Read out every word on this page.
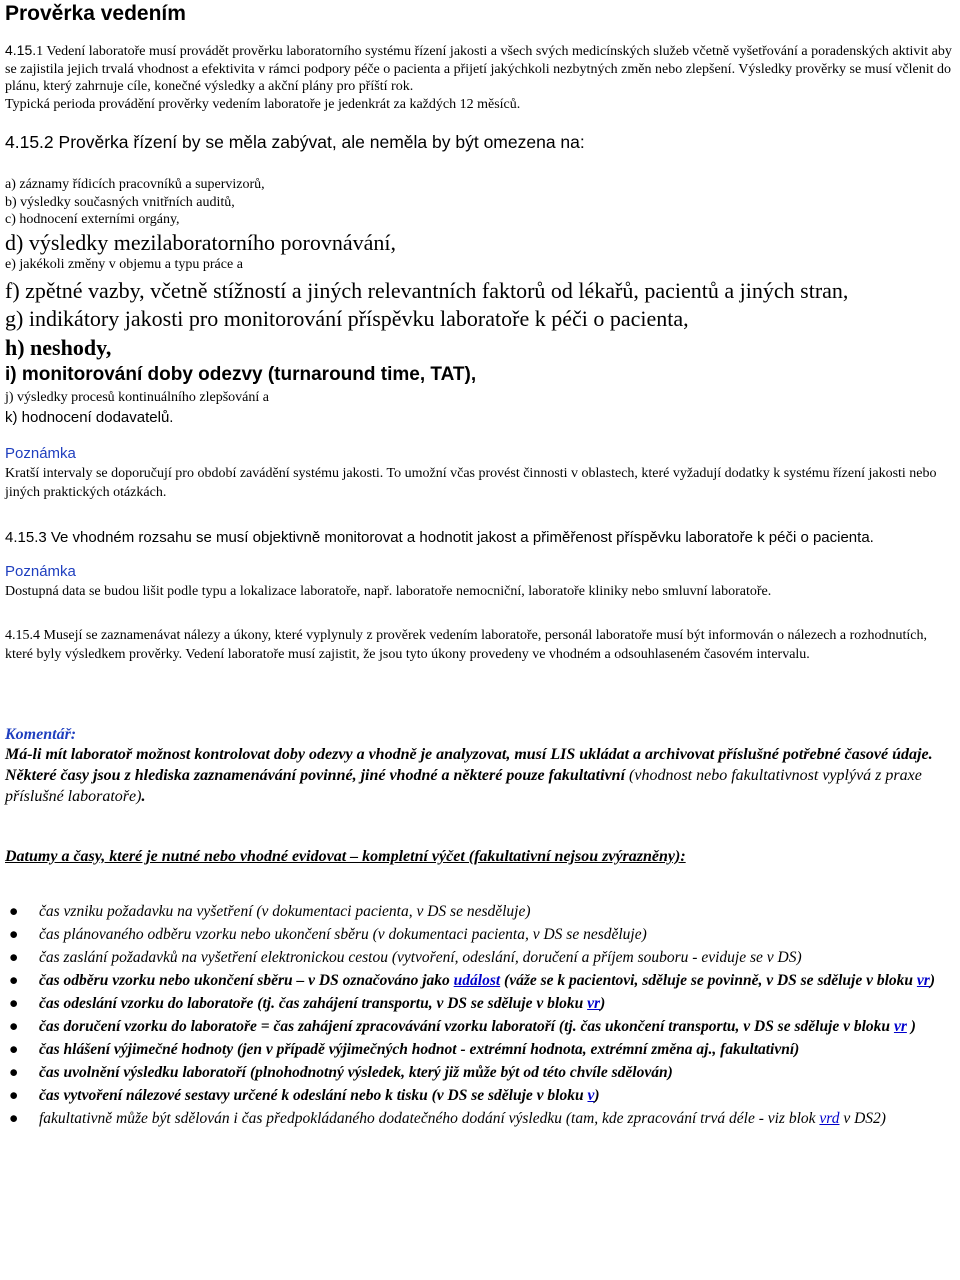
Prověrka vedením

4.15.1 Vedení laboratoře musí provádět prověrku laboratorního systému řízení jakosti a všech svých medicínských služeb včetně vyšetřování a poradenských aktivit aby se zajistila jejich trvalá vhodnost a efektivita v rámci podpory péče o pacienta a přijetí jakýchkoli nezbytných změn nebo zlepšení. Výsledky prověrky se musí včlenit do plánu, který zahrnuje cíle, konečné výsledky a akční plány pro příští rok.

Typická perioda provádění prověrky vedením laboratoře je jedenkrát za každých 12 měsíců.

4.15.2 Prověrka řízení by se měla zabývat, ale neměla by být omezena na:

a) záznamy řídicích pracovníků a supervizorů,

b) výsledky současných vnitřních auditů,

c) hodnocení externími orgány,

d) výsledky mezilaboratorního porovnávání,

e) jakékoli změny v objemu a typu práce a

f) zpětné vazby, včetně stížností a jiných relevantních faktorů od lékařů, pacientů a jiných stran,

g) indikátory jakosti pro monitorování příspěvku laboratoře k péči o pacienta,

h) neshody,

i) monitorování doby odezvy (turnaround time, TAT),

j) výsledky procesů kontinuálního zlepšování a

k) hodnocení dodavatelů.

Poznámka

Kratší intervaly se doporučují pro období zavádění systému jakosti. To umožní včas provést činnosti v oblastech, které vyžadují dodatky k systému řízení jakosti nebo jiných praktických otázkách.

4.15.3 Ve vhodném rozsahu se musí objektivně monitorovat a hodnotit jakost a přiměřenost příspěvku laboratoře k péči o pacienta.

Poznámka

Dostupná data se budou lišit podle typu a lokalizace laboratoře, např. laboratoře nemocniční, laboratoře kliniky nebo smluvní laboratoře.

4.15.4 Musejí se zaznamenávat nálezy a úkony, které vyplynuly z prověrek vedením laboratoře, personál laboratoře musí být informován o nálezech a rozhodnutích, které byly výsledkem prověrky. Vedení laboratoře musí zajistit, že jsou tyto úkony provedeny ve vhodném a odsouhlaseném časovém intervalu.

Komentář:

Má-li mít laboratoř možnost kontrolovat doby odezvy a vhodně je analyzovat, musí LIS ukládat a archivovat příslušné potřebné časové údaje.

Některé časy jsou z hlediska zaznamenávání povinné, jiné vhodné a některé pouze fakultativní (vhodnost nebo fakultativnost vyplývá z praxe příslušné laboratoře).

Datumy a časy, které je nutné nebo vhodné evidovat – kompletní výčet (fakultativní nejsou zvýrazněny):

● čas vzniku požadavku na vyšetření (v dokumentaci pacienta, v DS se nesděluje)
● čas plánovaného odběru vzorku nebo ukončení sběru (v dokumentaci pacienta, v DS se nesděluje)
● čas zaslání požadavků na vyšetření elektronickou cestou (vytvoření, odeslání, doručení a příjem souboru - eviduje se v DS)
● čas odběru vzorku nebo ukončení sběru – v DS označováno jako událost (váže se k pacientovi, sděluje se povinně, v DS se sděluje v bloku vr)
● čas odeslání vzorku do laboratoře (tj. čas zahájení transportu, v DS se sděluje v bloku vr)
● čas doručení vzorku do laboratoře = čas zahájení zpracovávání vzorku laboratoří (tj. čas ukončení transportu, v DS se sděluje v bloku vr )
● čas hlášení výjimečné hodnoty (jen v případě výjimečných hodnot - extrémní hodnota, extrémní změna aj., fakultativní)
● čas uvolnění výsledku laboratoří (plnohodnotný výsledek, který již může být od této chvíle sdělován)
● čas vytvoření nálezové sestavy určené k odeslání nebo k tisku (v DS se sděluje v bloku v)
● fakultativně může být sdělován i čas předpokládaného dodatečného dodání výsledku (tam, kde zpracování trvá déle - viz blok vrd v DS2)
